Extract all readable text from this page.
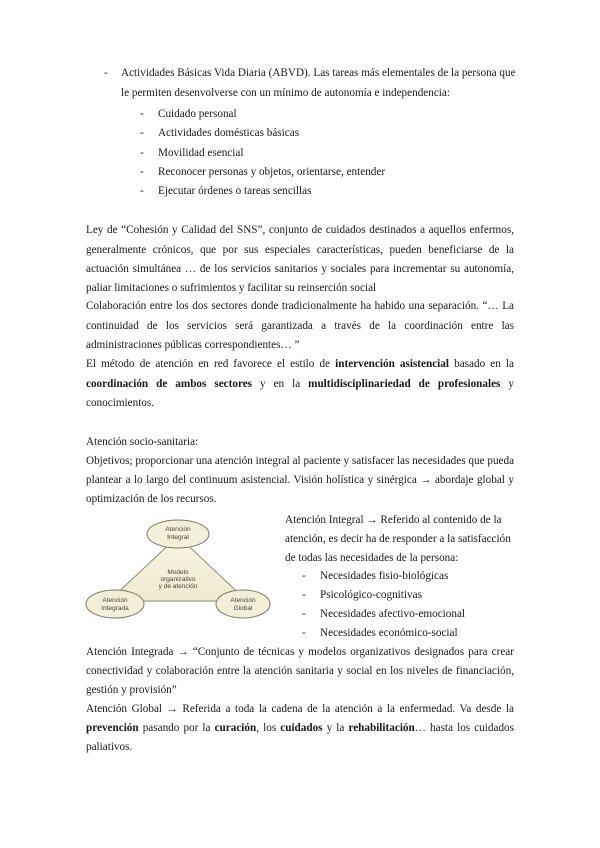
- Actividades Básicas Vida Diaria (ABVD). Las tareas más elementales de la persona que
le permiten desenvolverse con un mínimo de autonomía e independencia:
- Cuidado personal
- Actividades domésticas básicas
- Movilidad esencial
- Reconocer personas y objetos, orientarse, entender
- Ejecutar órdenes o tareas sencillas
Ley de “Cohesión y Calidad del SNS”, conjunto de cuidados destinados a aquellos enfermos,
generalmente crónicos, que por sus especiales características, pueden beneficiarse de la
actuación simultánea … de los servicios sanitarios y sociales para incrementar su autonomía,
paliar limitaciones o sufrimientos y facilitar su reinserción social
Colaboración entre los dos sectores donde tradicionalmente ha habido una separación. “… La
continuidad de los servicios será garantizada a través de la coordinación entre las
administraciones públicas correspondientes… ”
El método de atención en red favorece el estilo de intervención asistencial basado en la
coordinación de ambos sectores y en la multidisciplinariedad de profesionales y
conocimientos.
Atención socio-sanitaria:
Objetivos; proporcionar una atención integral al paciente y satisfacer las necesidades que pueda
plantear a lo largo del continuum asistencial. Visión holística y sinérgica → abordaje global y
optimización de los recursos.
Atención
Integral
Modelo
organizativo
y de atención
Atención
Integrada
Atención
Global
Atención Integral → Referido al contenido de la
atención, es decir ha de responder a la satisfacción
de todas las necesidades de la persona:
- Necesidades fisio-biológicas
- Psicológico-cognitivas
- Necesidades afectivo-emocional
- Necesidades económico-social
Atención Integrada → “Conjunto de técnicas y modelos organizativos designados para crear
conectividad y colaboración entre la atención sanitaria y social en los niveles de financiación,
gestión y provisión”
Atención Global → Referida a toda la cadena de la atención a la enfermedad. Va desde la
prevención pasando por la curación, los cuidados y la rehabilitación… hasta los cuidados
paliativos.
